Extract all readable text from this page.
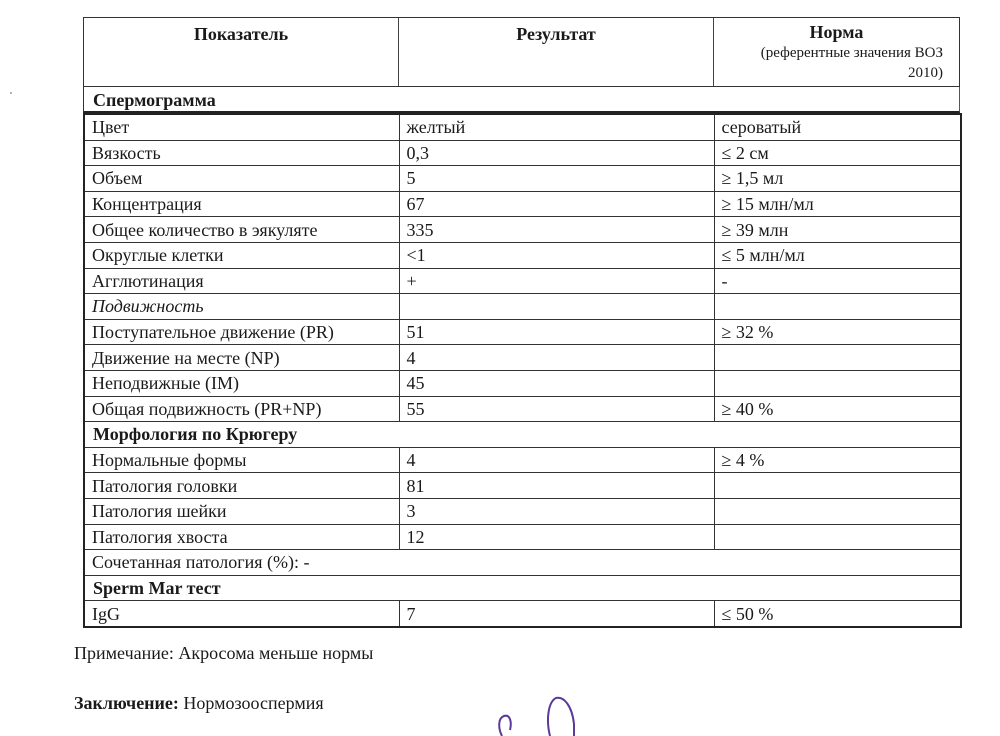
Показатель	Результат	Норма
(референтные значения ВОЗ
2010)
Спермограмма
Цвет	желтый	сероватый
Вязкость	0,3	≤ 2 см
Объем	5	≥ 1,5 мл
Концентрация	67	≥ 15 млн/мл
Общее количество в эякуляте	335	≥ 39 млн
Округлые клетки	<1	≤ 5 млн/мл
Агглютинация	+	-
Подвижность		
Поступательное движение (PR)	51	≥ 32 %
Движение на месте (NP)	4	
Неподвижные (IM)	45	
Общая подвижность (PR+NP)	55	≥ 40 %
Морфология по Крюгеру		
Нормальные формы	4	≥ 4 %
Патология головки	81	
Патология шейки	3	
Патология хвоста	12	
Сочетанная патология (%): -		
Sperm Mar тест		
IgG	7	≤ 50 %
Примечание: Акросома меньше нормы
Заключение: Нормозооспермия
